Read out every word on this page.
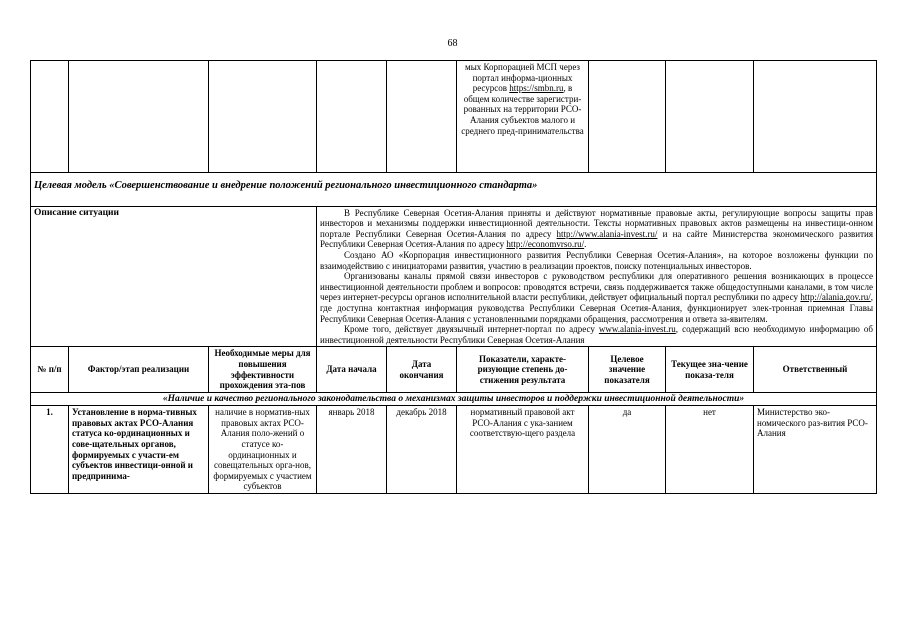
68
					мых Корпорацией МСП через портал информа-ционных ресурсов https://smbn.ru, в общем количестве зарегистри-рованных на территории РСО-Алания субъектов малого и среднего пред-принимательства			
Целевая модель «Совершенствование и внедрение положений регионального инвестиционного стандарта»								
Описание ситуации			В Республике Северная Осетия-Алания приняты и действуют нормативные правовые акты, регулирующие вопросы защиты прав инвесторов и механизмы поддержки инвестиционной деятельности. Тексты нормативных правовых актов размещены на инвестици-онном портале Республики Северная Осетия-Алания по адресу http://www.alania-invest.ru/ и на сайте Министерства экономического развития Республики Северная Осетия-Алания по адресу http://economvrso.ru/.

Создано АО «Корпорация инвестиционного развития Республики Северная Осетия-Алания», на которое возложены функции по взаимодействию с инициаторами развития, участию в реализации проектов, поиску потенциальных инвесторов.

Организованы каналы прямой связи инвесторов с руководством республики для оперативного решения возникающих в процессе инвестиционной деятельности проблем и вопросов: проводятся встречи, связь поддерживается также общедоступными каналами, в том числе через интернет-ресурсы органов исполнительной власти республики, действует официальный портал республики по адресу http://alania.gov.ru/, где доступна контактная информация руководства Республики Северная Осетия-Алания, функционирует элек-тронная приемная Главы Республики Северная Осетия-Алания с установленными порядками обращения, рассмотрения и ответа за-явителям.

Кроме того, действует двуязычный интернет-портал по адресу www.alania-invest.ru, содержащий всю необходимую информацию об инвестиционной деятельности Республики Северная Осетия-Алания					

№ п/п	Фактор/этап реализации	Необходимые меры для повышения эффективности прохождения эта-пов	Дата начала	Дата окончания	Показатели, характе-ризующие степень до-стижения результата	Целевое значение показателя	Текущее зна-чение показа-теля	Ответственный
«Наличие и качество регионального законодательства о механизмах защиты инвесторов и поддержки инвестиционной деятельности»								
1.	Установление в норма-тивных правовых актах РСО-Алания статуса ко-ординационных и сове-щательных органов, формируемых с участи-ем субъектов инвестици-онной и предпринима-	наличие в норматив-ных правовых актах РСО-Алания поло-жений о статусе ко-ординационных и совещательных орга-нов, формируемых с участием субъектов	январь 2018	декабрь 2018	нормативный правовой акт РСО-Алания с ука-занием соответствую-щего раздела	да	нет	Министерство эко-номического раз-вития РСО-Алания
